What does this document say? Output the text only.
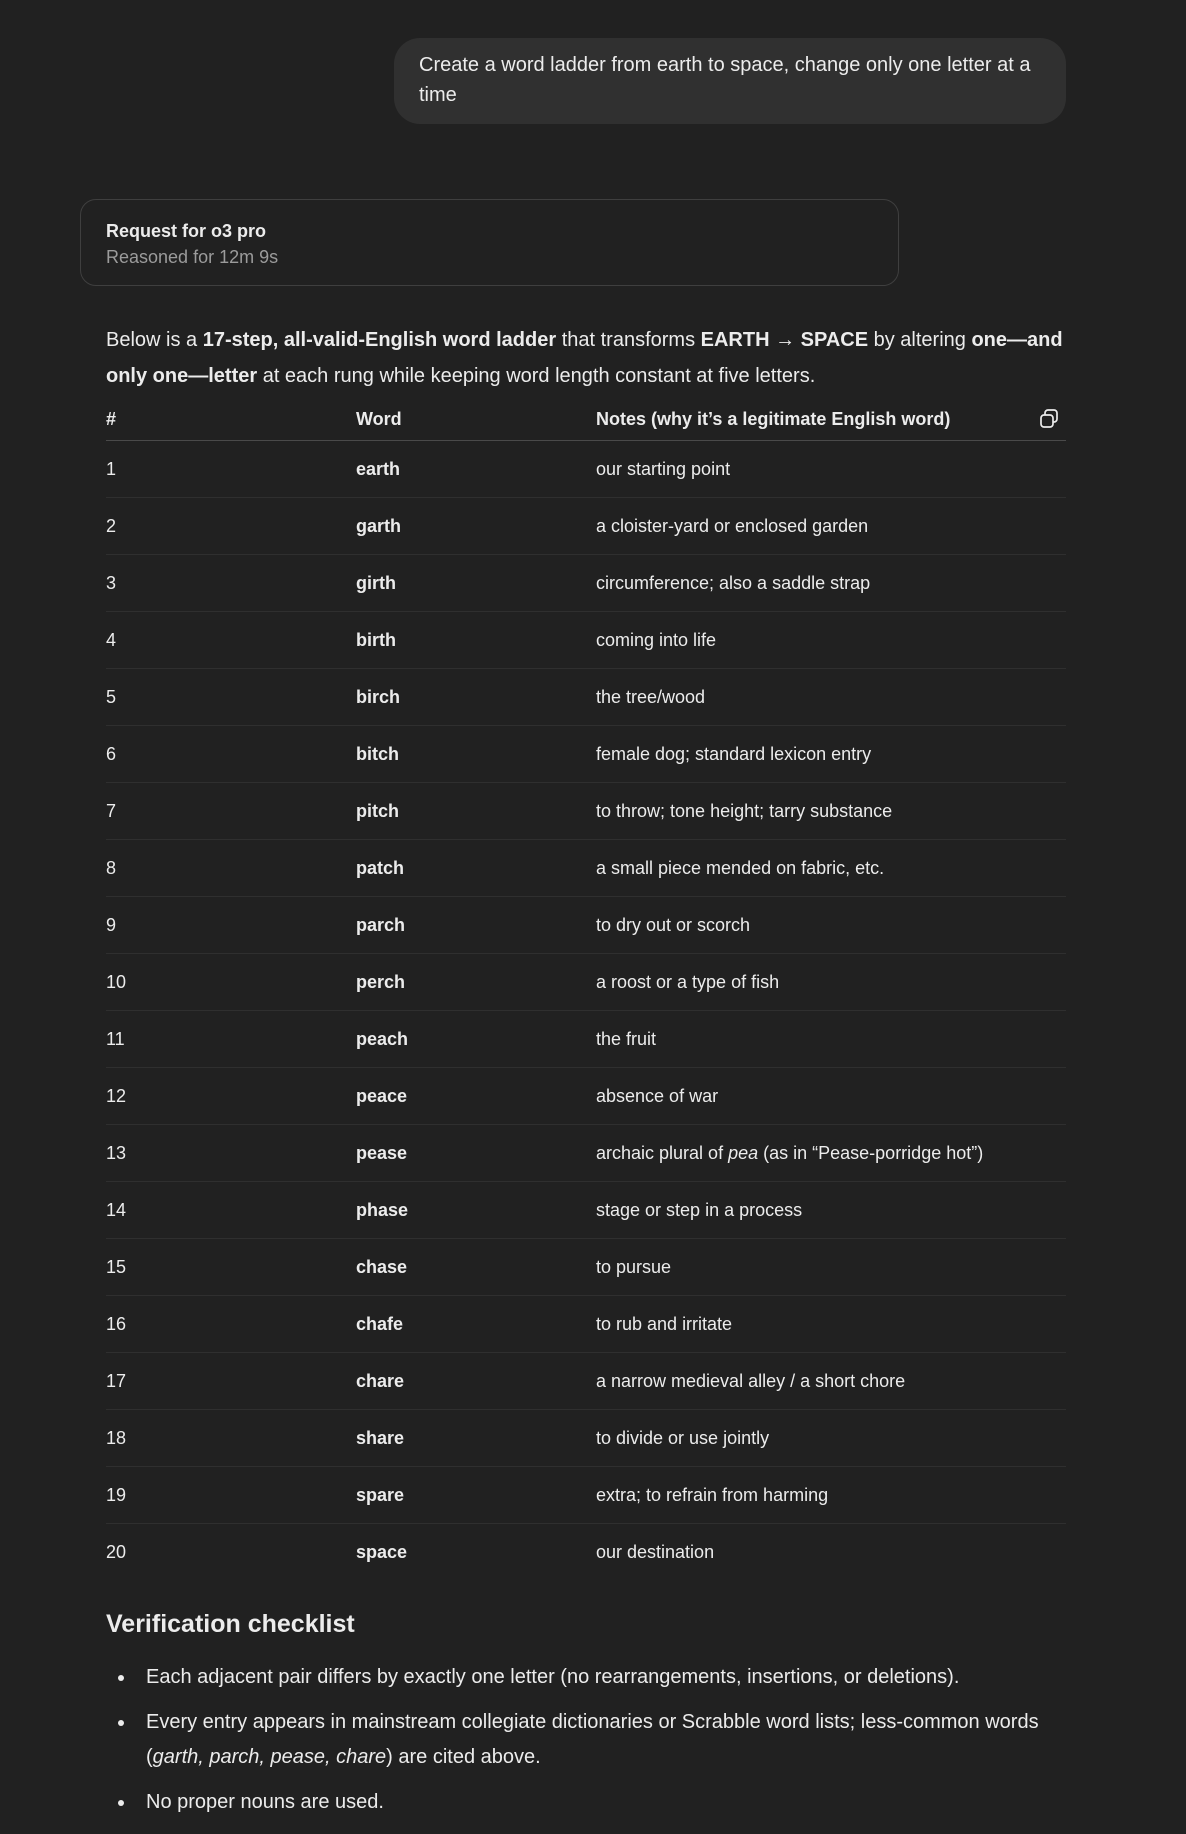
Create a word ladder from earth to space, change only one letter at a time
Request for o3 pro
Reasoned for 12m 9s
Below is a 17-step, all-valid-English word ladder that transforms EARTH → SPACE by altering one—and only one—letter at each rung while keeping word length constant at five letters.
#	Word	Notes (why it’s a legitimate English word)
1	earth	our starting point
2	garth	a cloister-yard or enclosed garden
3	girth	circumference; also a saddle strap
4	birth	coming into life
5	birch	the tree/wood
6	bitch	female dog; standard lexicon entry
7	pitch	to throw; tone height; tarry substance
8	patch	a small piece mended on fabric, etc.
9	parch	to dry out or scorch
10	perch	a roost or a type of fish
11	peach	the fruit
12	peace	absence of war
13	pease	archaic plural of pea (as in “Pease-porridge hot”)
14	phase	stage or step in a process
15	chase	to pursue
16	chafe	to rub and irritate
17	chare	a narrow medieval alley / a short chore
18	share	to divide or use jointly
19	spare	extra; to refrain from harming
20	space	our destination
Verification checklist
Each adjacent pair differs by exactly one letter (no rearrangements, insertions, or deletions).
Every entry appears in mainstream collegiate dictionaries or Scrabble word lists; less-common words (garth, parch, pease, chare) are cited above.
No proper nouns are used.
